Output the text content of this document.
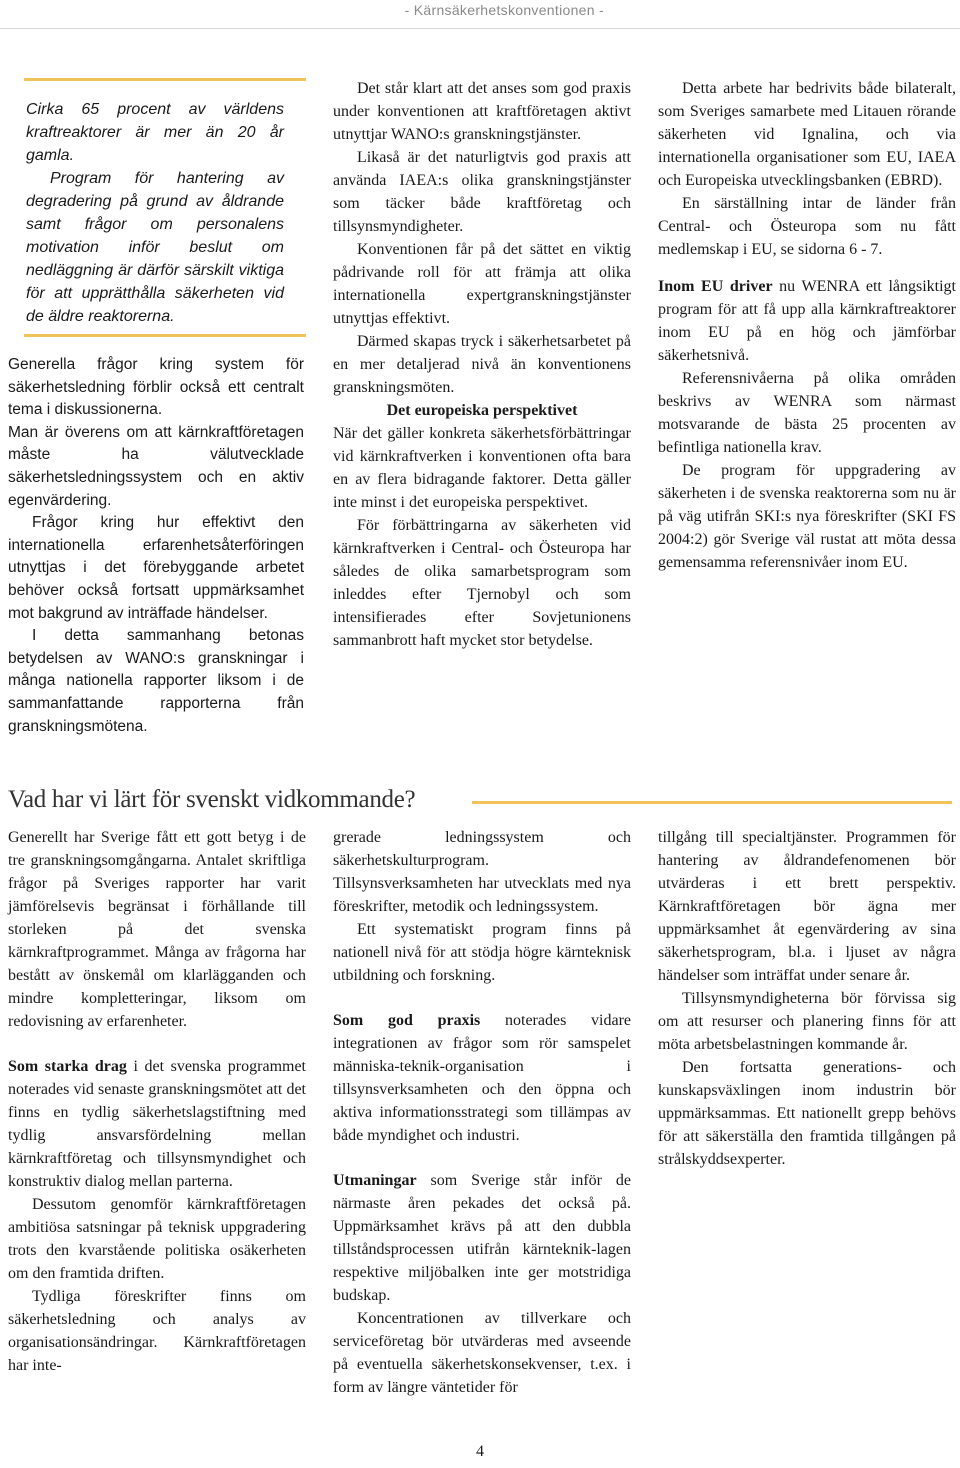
- Kärnsäkerhetskonventionen -

Cirka 65 procent av världens kraftreaktorer är mer än 20 år gamla.

Program för hantering av degradering på grund av åldrande samt frågor om personalens motivation inför beslut om nedläggning är därför särskilt viktiga för att upprätthålla säkerheten vid de äldre reaktorerna.

Generella frågor kring system för säkerhetsledning förblir också ett centralt tema i diskussionerna.

Man är överens om att kärnkraftföretagen måste ha välutvecklade säkerhetsledningssystem och en aktiv egenvärdering.

Frågor kring hur effektivt den internationella erfarenhetsåterföringen utnyttjas i det förebyggande arbetet behöver också fortsatt uppmärksamhet mot bakgrund av inträffade händelser.

I detta sammanhang betonas betydelsen av WANO:s granskningar i många nationella rapporter liksom i de sammanfattande rapporterna från granskningsmötena.

Det står klart att det anses som god praxis under konventionen att kraftföretagen aktivt utnyttjar WANO:s granskningstjänster.

Likaså är det naturligtvis god praxis att använda IAEA:s olika granskningstjänster som täcker både kraftföretag och tillsynsmyndigheter.

Konventionen får på det sättet en viktig pådrivande roll för att främja att olika internationella expertgranskningstjänster utnyttjas effektivt.

Därmed skapas tryck i säkerhetsarbetet på en mer detaljerad nivå än konventionens granskningsmöten.

Det europeiska perspektivet

När det gäller konkreta säkerhetsförbättringar vid kärnkraftverken i konventionen ofta bara en av flera bidragande faktorer. Detta gäller inte minst i det europeiska perspektivet.

För förbättringarna av säkerheten vid kärnkraftverken i Central- och Östeuropa har således de olika samarbetsprogram som inleddes efter Tjernobyl och som intensifierades efter Sovjetunionens sammanbrott haft mycket stor betydelse.

Detta arbete har bedrivits både bilateralt, som Sveriges samarbete med Litauen rörande säkerheten vid Ignalina, och via internationella organisationer som EU, IAEA och Europeiska utvecklingsbanken (EBRD).

En särställning intar de länder från Central- och Östeuropa som nu fått medlemskap i EU, se sidorna 6 - 7.

Inom EU driver nu WENRA ett långsiktigt program för att få upp alla kärnkraftreaktorer inom EU på en hög och jämförbar säkerhetsnivå.

Referensnivåerna på olika områden beskrivs av WENRA som närmast motsvarande de bästa 25 procenten av befintliga nationella krav.

De program för uppgradering av säkerheten i de svenska reaktorerna som nu är på väg utifrån SKI:s nya föreskrifter (SKI FS 2004:2) gör Sverige väl rustat att möta dessa gemensamma referensnivåer inom EU.

Vad har vi lärt för svenskt vidkommande?

Generellt har Sverige fått ett gott betyg i de tre granskningsomgångarna. Antalet skriftliga frågor på Sveriges rapporter har varit jämförelsevis begränsat i förhållande till storleken på det svenska kärnkraftprogrammet. Många av frågorna har bestått av önskemål om klarlägganden och mindre kompletteringar, liksom om redovisning av erfarenheter.

Som starka drag i det svenska programmet noterades vid senaste granskningsmötet att det finns en tydlig säkerhetslagstiftning med tydlig ansvarsfördelning mellan kärnkraftföretag och tillsynsmyndighet och konstruktiv dialog mellan parterna.

Dessutom genomför kärnkraftföretagen ambitiösa satsningar på teknisk uppgradering trots den kvarstående politiska osäkerheten om den framtida driften.

Tydliga föreskrifter finns om säkerhetsledning och analys av organisationsändringar. Kärnkraftföretagen har inte-

grerade ledningssystem och säkerhetskulturprogram. Tillsynsverksamheten har utvecklats med nya föreskrifter, metodik och ledningssystem.

Ett systematiskt program finns på nationell nivå för att stödja högre kärnteknisk utbildning och forskning.

Som god praxis noterades vidare integrationen av frågor som rör samspelet människa-teknik-organisation i tillsynsverksamheten och den öppna och aktiva informationsstrategi som tillämpas av både myndighet och industri.

Utmaningar som Sverige står inför de närmaste åren pekades det också på. Uppmärksamhet krävs på att den dubbla tillståndsprocessen utifrån kärnteknik-lagen respektive miljöbalken inte ger motstridiga budskap.

Koncentrationen av tillverkare och serviceföretag bör utvärderas med avseende på eventuella säkerhetskonsekvenser, t.ex. i form av längre väntetider för

tillgång till specialtjänster. Programmen för hantering av åldrandefenomenen bör utvärderas i ett brett perspektiv. Kärnkraftföretagen bör ägna mer uppmärksamhet åt egenvärdering av sina säkerhetsprogram, bl.a. i ljuset av några händelser som inträffat under senare år.

Tillsynsmyndigheterna bör förvissa sig om att resurser och planering finns för att möta arbetsbelastningen kommande år.

Den fortsatta generations- och kunskapsväxlingen inom industrin bör uppmärksammas. Ett nationellt grepp behövs för att säkerställa den framtida tillgången på strålskyddsexperter.

4
